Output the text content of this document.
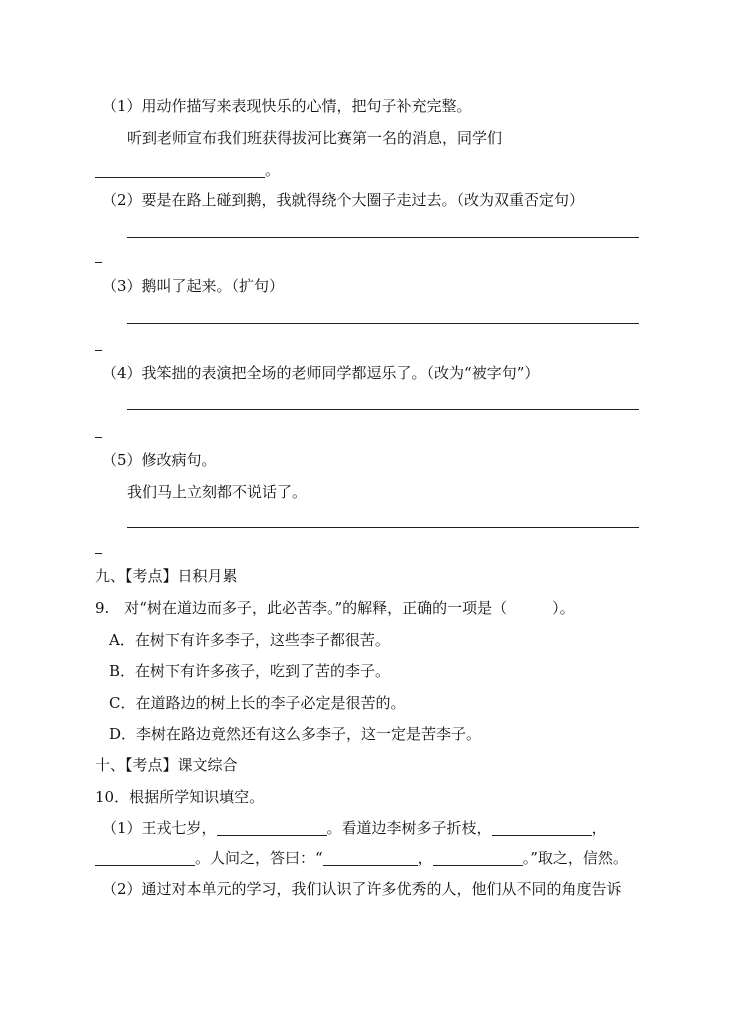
（1）用动作描写来表现快乐的心情，把句子补充完整。
听到老师宣布我们班获得拔河比赛第一名的消息，同学们
。
（2）要是在路上碰到鹅，我就得绕个大圈子走过去。（改为双重否定句）
（3）鹅叫了起来。（扩句）
（4）我笨拙的表演把全场的老师同学都逗乐了。（改为“被字句”）
（5）修改病句。
我们马上立刻都不说话了。
九、【考点】日积月累
9.　对“树在道边而多子，此必苦李。”的解释，正确的一项是（　　　）。
A．在树下有许多李子，这些李子都很苦。
B．在树下有许多孩子，吃到了苦的李子。
C．在道路边的树上长的李子必定是很苦的。
D．李树在路边竟然还有这么多李子，这一定是苦李子。
十、【考点】课文综合
10．根据所学知识填空。
（1）王戎七岁，	。看道边李树多子折枝，	，
。人问之，答曰：“	，	。”取之，信然。
（2）通过对本单元的学习，我们认识了许多优秀的人，他们从不同的角度告诉
